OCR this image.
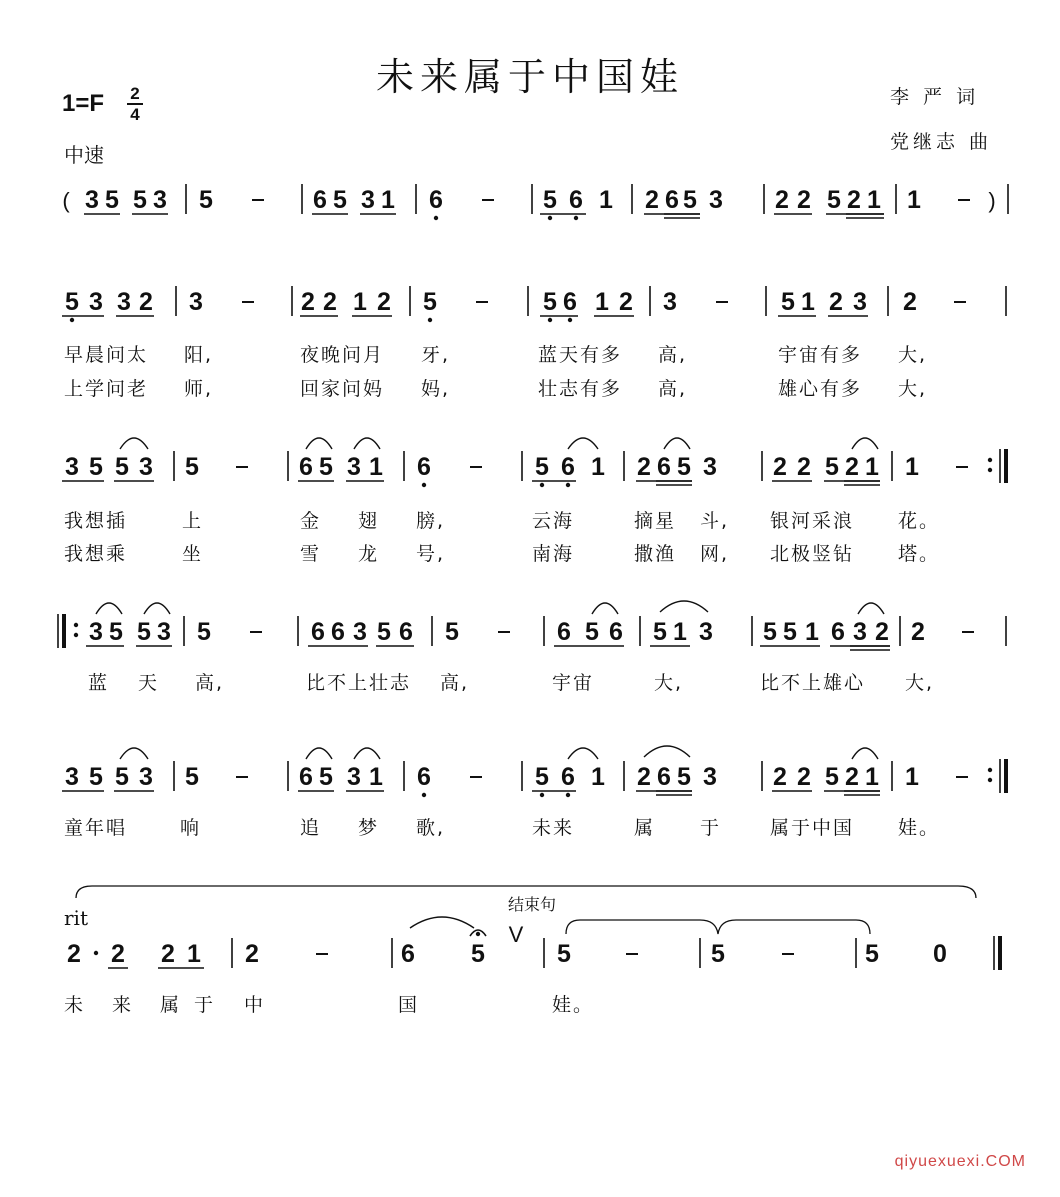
未来属于中国娃
1=F 2
4
中速
李 严 词
党继志 曲
( 3 5 5 3 5	6 5 3 1 6	5 6 1 2 6 5 3 2 2 5 2 1 1	)
5 3 3 2 3	2 2 1 2 5	5 6 1 2 3	5 1 2 3 2
3 5 5 3 5	6 5 3 1 6	5 6 1 2 6 5 3 2 2 5 2 1 1
3 5 5 3 5	6 6 3 5 6 5	6 5 6 5 1 3 5 5 1 6 3 2 2
3 5 5 3 5	6 5 3 1 6	5 6 1 2 6 5 3 2 2 5 2 1 1
2 2 2 1 2	6 5
V
5	5	5 0
早晨问太 阳,	夜晚问月 牙,	蓝天有多 高,	宇宙有多 大,
上学问老 师,	回家问妈 妈,	壮志有多 高,	雄心有多 大,
我想插	上	金 翅 膀,	云海	摘星 斗, 银河采浪 花。
我想乘	坐	雪 龙 号,	南海	撒渔 网, 北极竖钻 塔。
蓝 天 高,	比不上壮志 高,	宇宙	大,	比不上雄心 大,
童年唱	响	追 梦 歌,	未来	属 于	属于中国 娃。
未 来 属 于 中	国	娃。
rit
结束句
qiyuexuexi.COM
